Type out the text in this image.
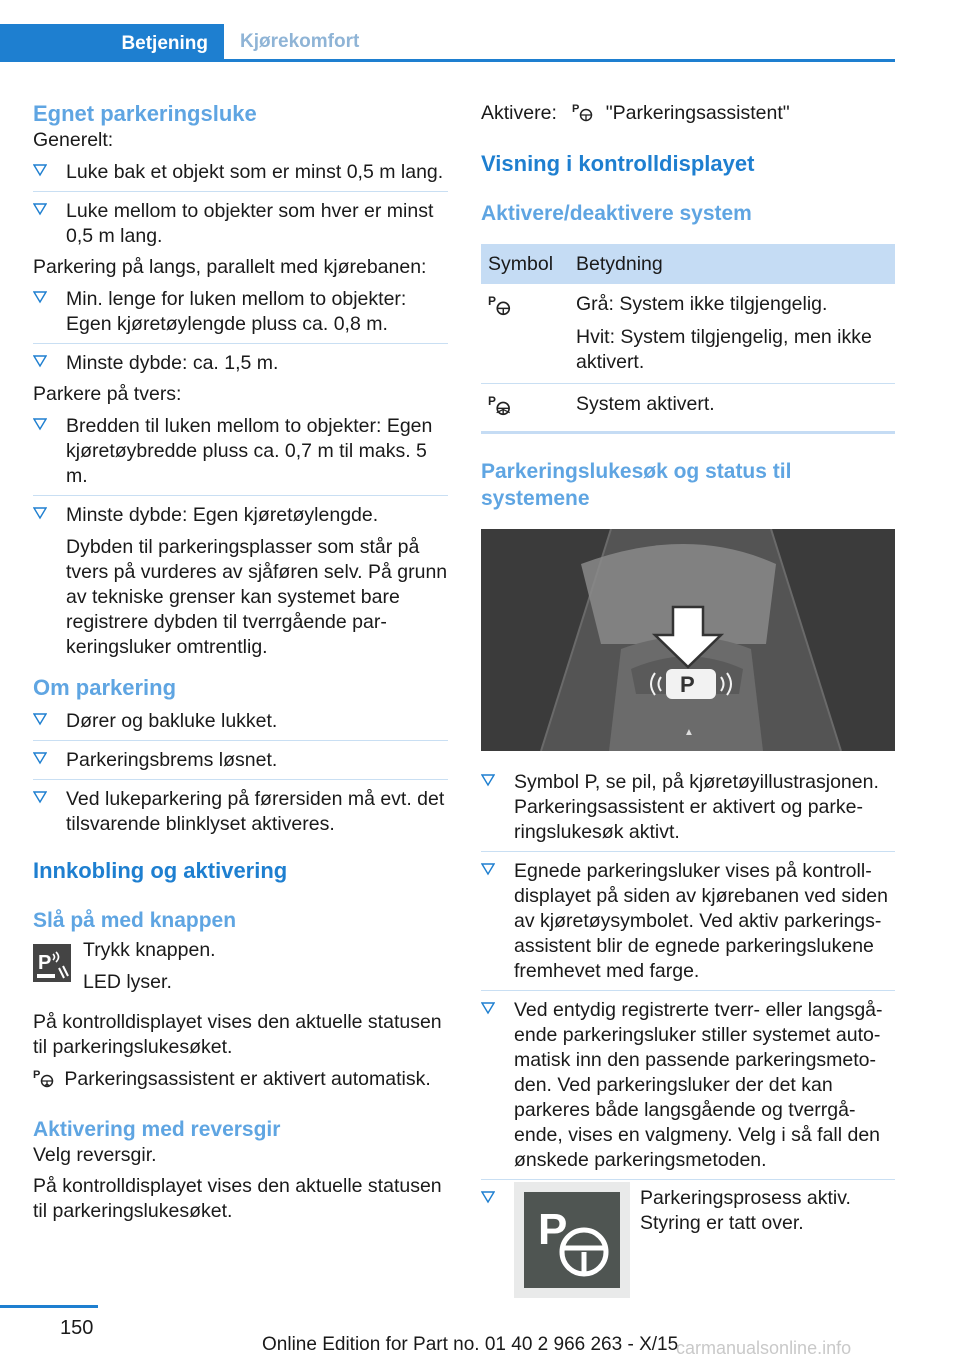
Betjening Kjørekomfort
Egnet parkeringsluke

Generelt:

Luke bak et objekt som er minst 0,5 m lang.
Luke mellom to objekter som hver er minst 0,5 m lang.

Parkering på langs, parallelt med kjørebanen:

Min. lenge for luken mellom to objekter: Egen kjøretøylengde pluss ca. 0,8 m.
Minste dybde: ca. 1,5 m.

Parkere på tvers:

Bredden til luken mellom to objekter: Egen kjøretøybredde pluss ca. 0,7 m til maks. 5 m.
Minste dybde: Egen kjøretøylengde.

Dybden til parkeringsplasser som står på tvers på vurderes av sjåføren selv. På grunn av tekniske grenser kan systemet bare registrere dybden til tverrgående parkeringsluker omtrentlig.

Om parkering
Dører og bakluke lukket.
Parkeringsbrems løsnet.
Ved lukeparkering på førersiden må evt. det tilsvarende blinklyset aktiveres.
Innkobling og aktivering
Slå på med knappen
P

Trykk knappen.

LED lyser.

På kontrolldisplayet vises den aktuelle statusen til parkeringslukesøket.

P Parkeringsassistent er aktivert automatisk.

Aktivering med reversgir

Velg reversgir.

På kontrolldisplayet vises den aktuelle statusen til parkeringslukesøket.

Aktivere: P "Parkeringsassistent"

Visning i kontrolldisplayet
Aktivere/deaktivere system
Symbol	Betydning

P	Grå: System ikke tilgjengelig.

Hvit: System tilgjengelig, men ikke aktivert.

P	System aktivert.
Parkeringslukesøk og status til systemene
P
▲
Symbol P, se pil, på kjøretøyillustrasjonen. Parkeringsassistent er aktivert og parkeringslukesøk aktivt.
Egnede parkeringsluker vises på kontrolldisplayet på siden av kjørebanen ved siden av kjøretøysymbolet. Ved aktiv parkeringsassistent blir de egnede parkeringslukene fremhevet med farge.
Ved entydig registrerte tverr- eller langsgående parkeringsluker stiller systemet automatisk inn den passende parkeringsmetoden. Ved parkeringsluker der det kan parkeres både langsgående og tverrgående, vises en valgmeny. Velg i så fall den ønskede parkeringsmetoden.
P

Parkeringsprosess aktiv. Styring er tatt over.

150
Online Edition for Part no. 01 40 2 966 263 - X/15
carmanualsonline.info
